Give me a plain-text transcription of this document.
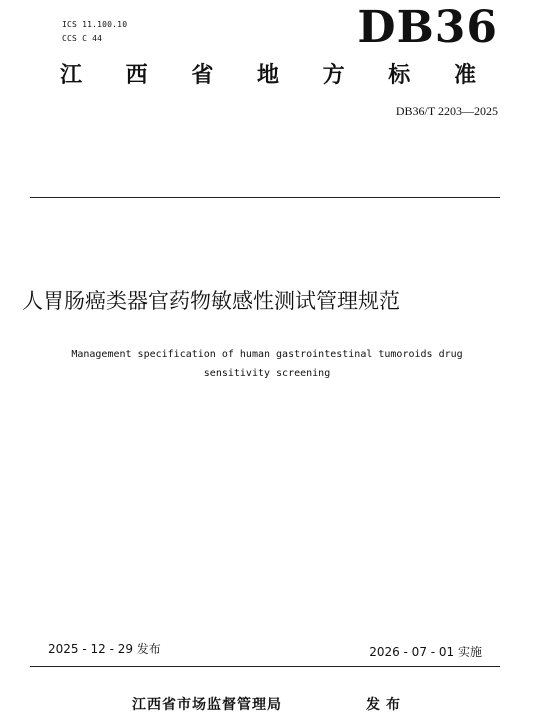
ICS 11.100.10
CCS C 44	DB36
江 西 省 地 方 标 准
DB36/T 2203—2025
人胃肠癌类器官药物敏感性测试管理规范
Management specification of human gastrointestinal tumoroids drug
sensitivity screening
2025 - 12 - 29 发布	2026 - 07 - 01 实施
江西省市场监督管理局	发布
